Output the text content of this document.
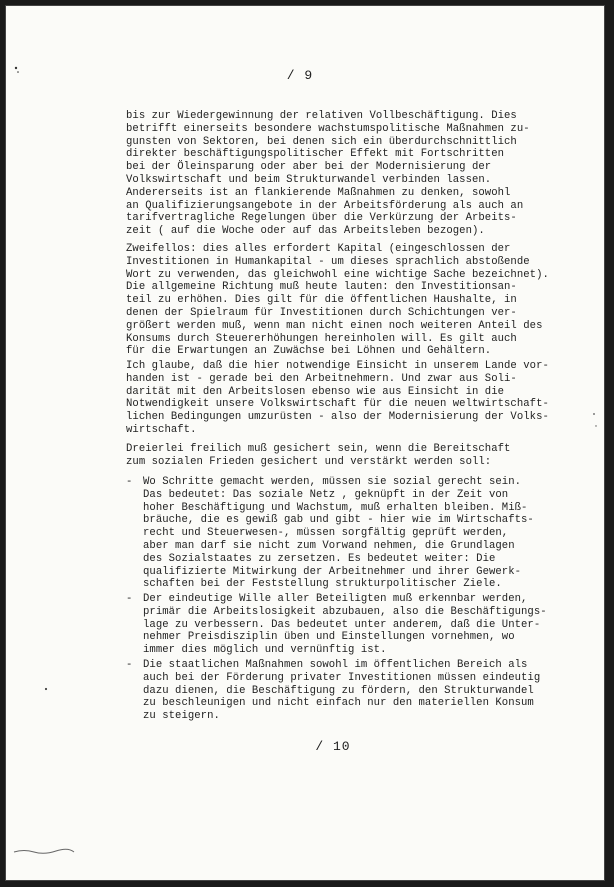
/ 9
bis zur Wiedergewinnung der relativen Vollbeschäftigung. Dies
betrifft einerseits besondere wachstumspolitische Maßnahmen zu-
gunsten von Sektoren, bei denen sich ein überdurchschnittlich
direkter beschäftigungspolitischer Effekt mit Fortschritten
bei der Öleinsparung oder aber bei der Modernisierung der
Volkswirtschaft und beim Strukturwandel verbinden lassen.
Andererseits ist an flankierende Maßnahmen zu denken, sowohl
an Qualifizierungsangebote in der Arbeitsförderung als auch an
tarifvertragliche Regelungen über die Verkürzung der Arbeits-
zeit ( auf die Woche oder auf das Arbeitsleben bezogen).
Zweifellos: dies alles erfordert Kapital (eingeschlossen der
Investitionen in Humankapital - um dieses sprachlich abstoßende
Wort zu verwenden, das gleichwohl eine wichtige Sache bezeichnet).
Die allgemeine Richtung muß heute lauten: den Investitionsan-
teil zu erhöhen. Dies gilt für die öffentlichen Haushalte, in
denen der Spielraum für Investitionen durch Schichtungen ver-
größert werden muß, wenn man nicht einen noch weiteren Anteil des
Konsums durch Steuererhöhungen hereinholen will. Es gilt auch
für die Erwartungen an Zuwächse bei Löhnen und Gehältern.
Ich glaube, daß die hier notwendige Einsicht in unserem Lande vor-
handen ist - gerade bei den Arbeitnehmern. Und zwar aus Soli-
darität mit den Arbeitslosen ebenso wie aus Einsicht in die
Notwendigkeit unsere Volkswirtschaft für die neuen weltwirtschaft-
lichen Bedingungen umzurüsten - also der Modernisierung der Volks-
wirtschaft.
Dreierlei freilich muß gesichert sein, wenn die Bereitschaft
zum sozialen Frieden gesichert und verstärkt werden soll:
- Wo Schritte gemacht werden, müssen sie sozial gerecht sein.
Das bedeutet: Das soziale Netz , geknüpft in der Zeit von
hoher Beschäftigung und Wachstum, muß erhalten bleiben. Miß-
bräuche, die es gewiß gab und gibt - hier wie im Wirtschafts-
recht und Steuerwesen-, müssen sorgfältig geprüft werden,
aber man darf sie nicht zum Vorwand nehmen, die Grundlagen
des Sozialstaates zu zersetzen. Es bedeutet weiter: Die
qualifizierte Mitwirkung der Arbeitnehmer und ihrer Gewerk-
schaften bei der Feststellung strukturpolitischer Ziele.
- Der eindeutige Wille aller Beteiligten muß erkennbar werden,
primär die Arbeitslosigkeit abzubauen, also die Beschäftigungs-
lage zu verbessern. Das bedeutet unter anderem, daß die Unter-
nehmer Preisdisziplin üben und Einstellungen vornehmen, wo
immer dies möglich und vernünftig ist.
- Die staatlichen Maßnahmen sowohl im öffentlichen Bereich als
auch bei der Förderung privater Investitionen müssen eindeutig
dazu dienen, die Beschäftigung zu fördern, den Strukturwandel
zu beschleunigen und nicht einfach nur den materiellen Konsum
zu steigern.
/ 10
